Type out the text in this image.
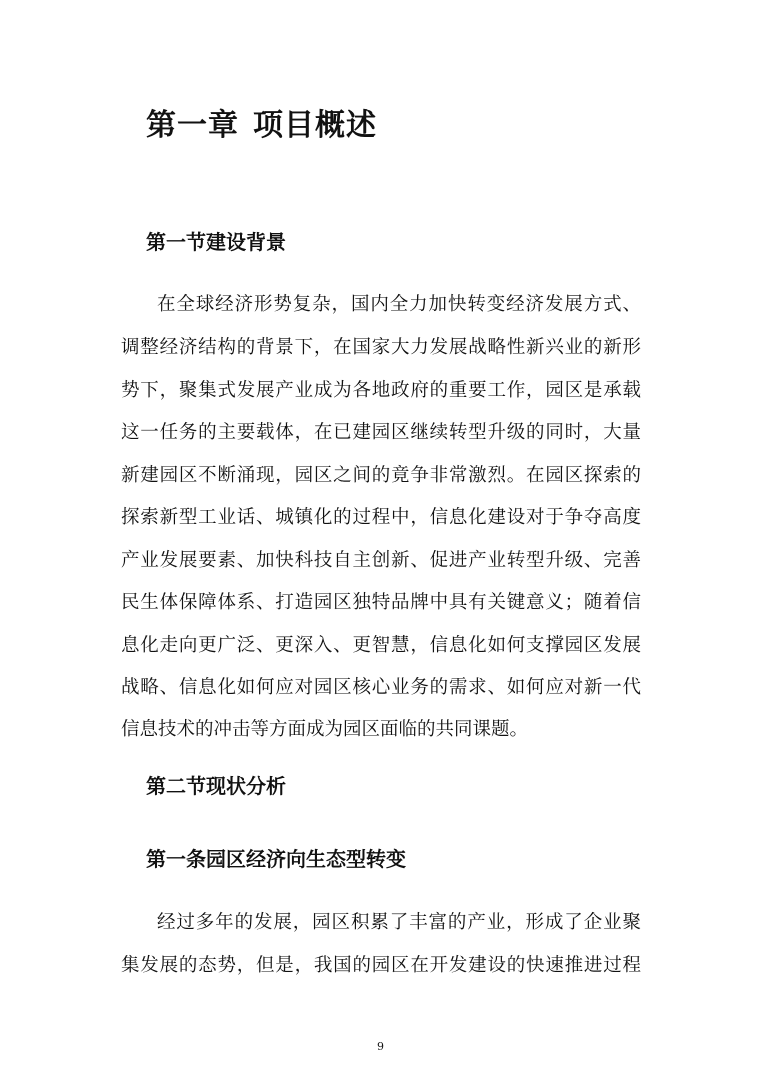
第一章 项目概述
第一节建设背景
在全球经济形势复杂，国内全力加快转变经济发展方式、
调整经济结构的背景下，在国家大力发展战略性新兴业的新形
势下，聚集式发展产业成为各地政府的重要工作，园区是承载
这一任务的主要载体，在已建园区继续转型升级的同时，大量
新建园区不断涌现，园区之间的竟争非常激烈。在园区探索的
探索新型工业话、城镇化的过程中，信息化建设对于争夺高度
产业发展要素、加快科技自主创新、促进产业转型升级、完善
民生体保障体系、打造园区独特品牌中具有关键意义；随着信
息化走向更广泛、更深入、更智慧，信息化如何支撑园区发展
战略、信息化如何应对园区核心业务的需求、如何应对新一代
信息技术的冲击等方面成为园区面临的共同课题。
第二节现状分析
第一条园区经济向生态型转变
经过多年的发展，园区积累了丰富的产业，形成了企业聚
集发展的态势，但是，我国的园区在开发建设的快速推进过程
9
